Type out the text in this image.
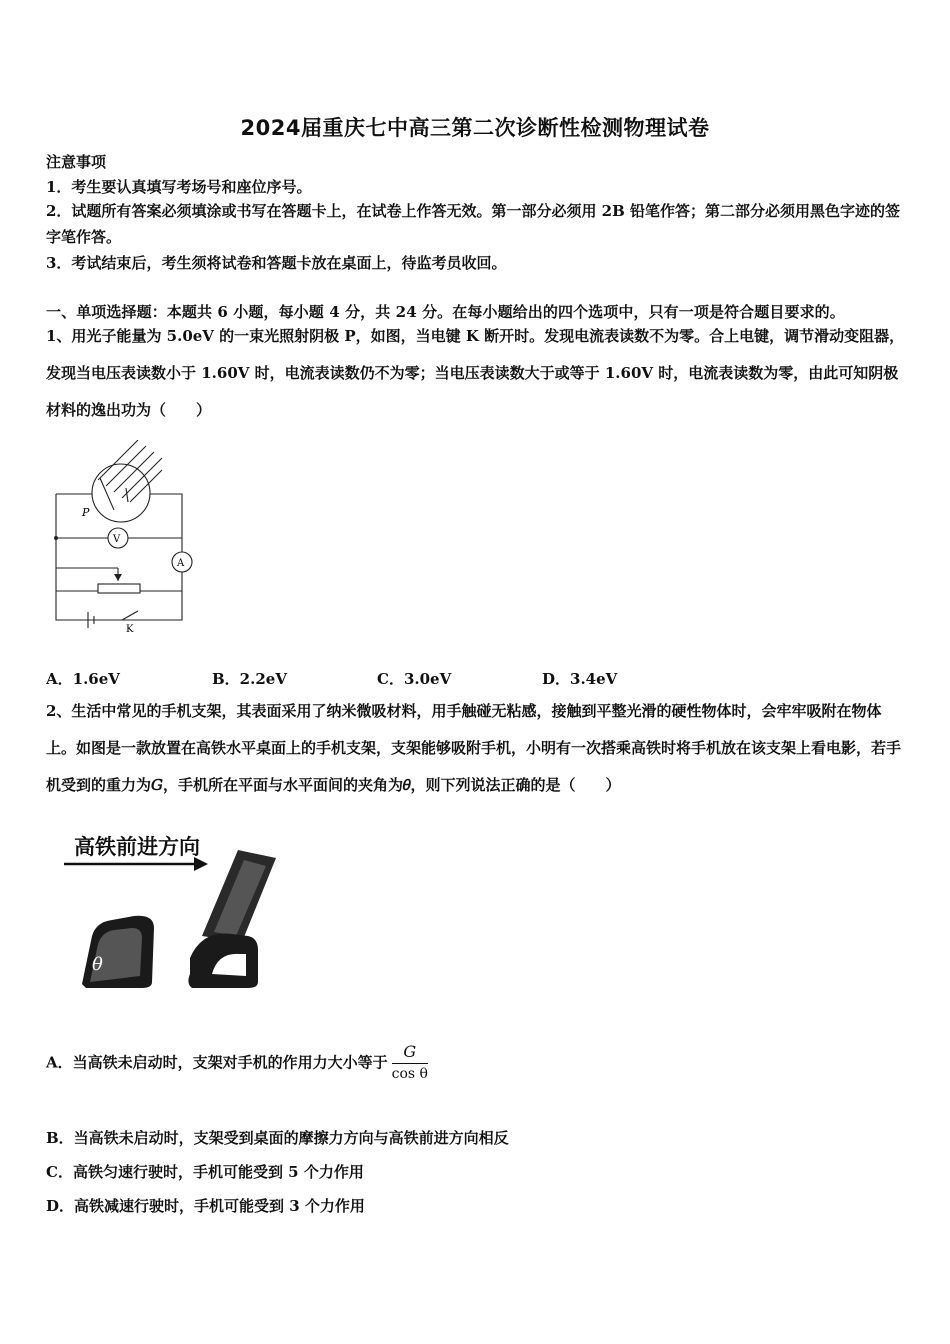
2024届重庆七中高三第二次诊断性检测物理试卷
注意事项
1．考生要认真填写考场号和座位序号。
2．试题所有答案必须填涂或书写在答题卡上，在试卷上作答无效。第一部分必须用 2B 铅笔作答；第二部分必须用黑色字迹的签字笔作答。
3．考试结束后，考生须将试卷和答题卡放在桌面上，待监考员收回。
一、单项选择题：本题共 6 小题，每小题 4 分，共 24 分。在每小题给出的四个选项中，只有一项是符合题目要求的。
1、用光子能量为 5.0eV 的一束光照射阴极 P，如图，当电键 K 断开时。发现电流表读数不为零。合上电键，调节滑动变阻器，发现当电压表读数小于 1.60V 时，电流表读数仍不为零；当电压表读数大于或等于 1.60V 时，电流表读数为零，由此可知阴极材料的逸出功为（　　）
P
V
A
K
A．1.6eV	B．2.2eV	C．3.0eV	D．3.4eV
2、生活中常见的手机支架，其表面采用了纳米微吸材料，用手触碰无粘感，接触到平整光滑的硬性物体时，会牢牢吸附在物体上。如图是一款放置在高铁水平桌面上的手机支架，支架能够吸附手机，小明有一次搭乘高铁时将手机放在该支架上看电影，若手机受到的重力为𝐺，手机所在平面与水平面间的夹角为𝜃，则下列说法正确的是（　　）
高铁前进方向
θ
A．当高铁未启动时，支架对手机的作用力大小等于 $\frac{G}{\text{cos θ}}$
B．当高铁未启动时，支架受到桌面的摩擦力方向与高铁前进方向相反
C．高铁匀速行驶时，手机可能受到 5 个力作用
D．高铁减速行驶时，手机可能受到 3 个力作用
